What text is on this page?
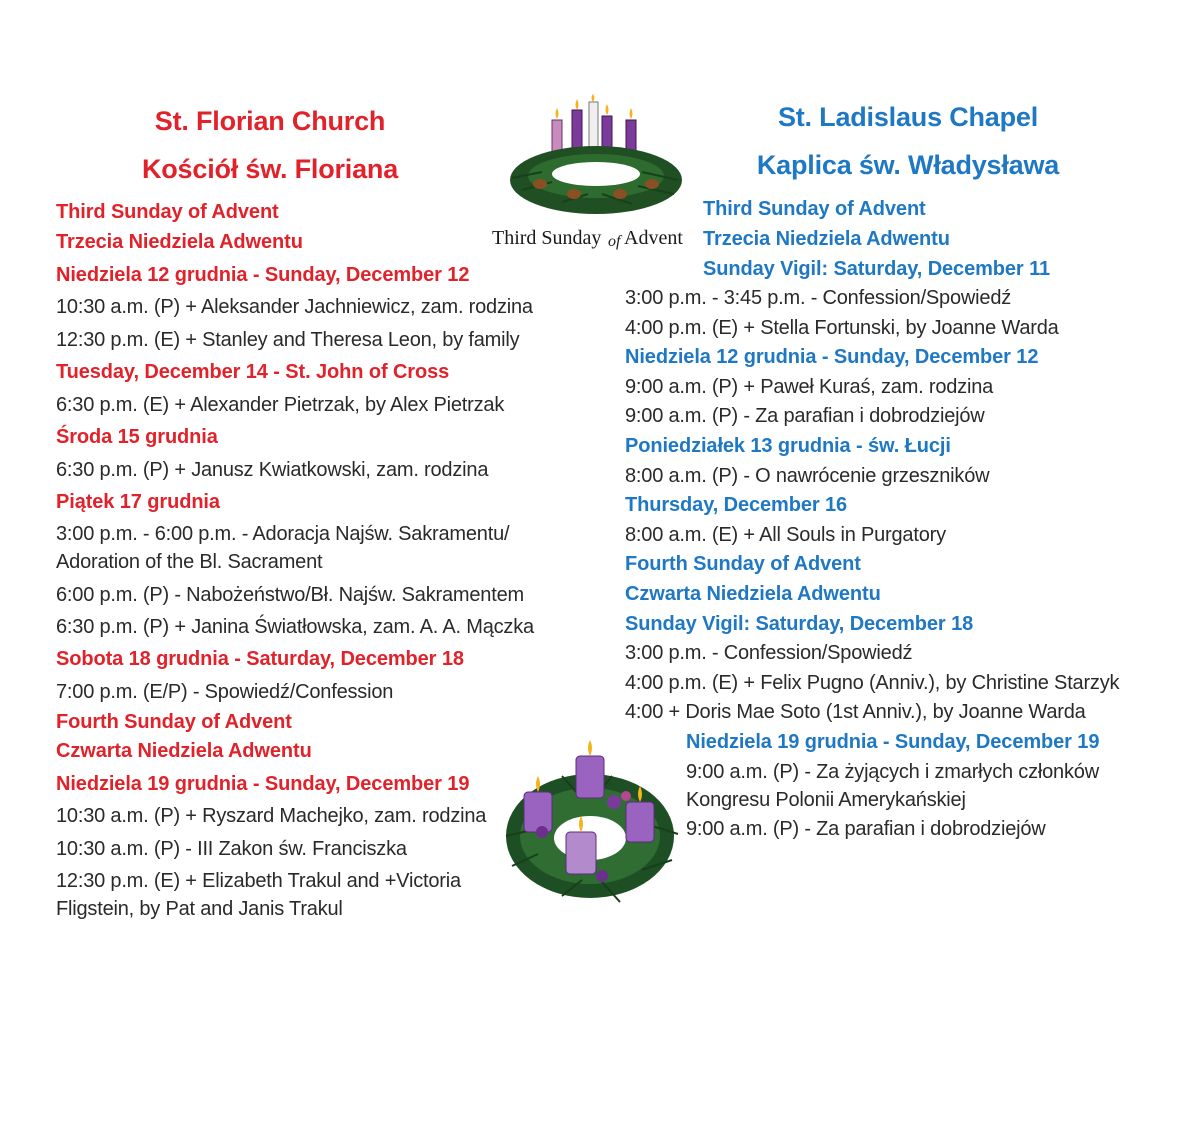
St. Florian Church
Kościół św. Floriana
Third Sunday of Advent
Trzecia Niedziela Adwentu
Niedziela 12 grudnia - Sunday, December 12
10:30 a.m. (P) + Aleksander Jachniewicz, zam. rodzina
12:30 p.m. (E) + Stanley and Theresa Leon, by family
Tuesday, December 14 - St. John of Cross
6:30 p.m. (E) + Alexander Pietrzak, by Alex Pietrzak
Środa 15 grudnia
6:30 p.m. (P) + Janusz Kwiatkowski, zam. rodzina
Piątek 17 grudnia
3:00 p.m. - 6:00 p.m. - Adoracja Najśw. Sakramentu/
Adoration of the Bl. Sacrament
6:00 p.m. (P) - Nabożeństwo/Bł. Najśw. Sakramentem
6:30 p.m. (P) + Janina Światłowska, zam. A. A. Mączka
Sobota 18 grudnia - Saturday, December 18
7:00 p.m. (E/P) - Spowiedź/Confession
Fourth Sunday of Advent
Czwarta Niedziela Adwentu
Niedziela 19 grudnia - Sunday, December 19
10:30 a.m. (P) + Ryszard Machejko, zam. rodzina
10:30 a.m. (P) - III Zakon św. Franciszka
12:30 p.m. (E) + Elizabeth Trakul and +Victoria
Fligstein, by Pat and Janis Trakul
St. Ladislaus Chapel
Kaplica św. Władysława
Third Sunday of Advent
Trzecia Niedziela Adwentu
Sunday Vigil: Saturday, December 11
3:00 p.m. - 3:45 p.m. - Confession/Spowiedź
4:00 p.m. (E) + Stella Fortunski, by Joanne Warda
Niedziela 12 grudnia - Sunday, December 12
9:00 a.m. (P) + Paweł Kuraś, zam. rodzina
9:00 a.m. (P) - Za parafian i dobrodziejów
Poniedziałek 13 grudnia - św. Łucji
8:00 a.m. (P) - O nawrócenie grzeszników
Thursday, December 16
8:00 a.m. (E) + All Souls in Purgatory
Fourth Sunday of Advent
Czwarta Niedziela Adwentu
Sunday Vigil: Saturday, December 18
3:00 p.m. - Confession/Spowiedź
4:00 p.m. (E) + Felix Pugno (Anniv.), by Christine Starzyk
4:00 + Doris Mae Soto (1st Anniv.), by Joanne Warda
Niedziela 19 grudnia - Sunday, December 19
9:00 a.m. (P) - Za żyjących i zmarłych członków
Kongresu Polonii Amerykańskiej
9:00 a.m. (P) - Za parafian i dobrodziejów
Third Sunday of Advent
